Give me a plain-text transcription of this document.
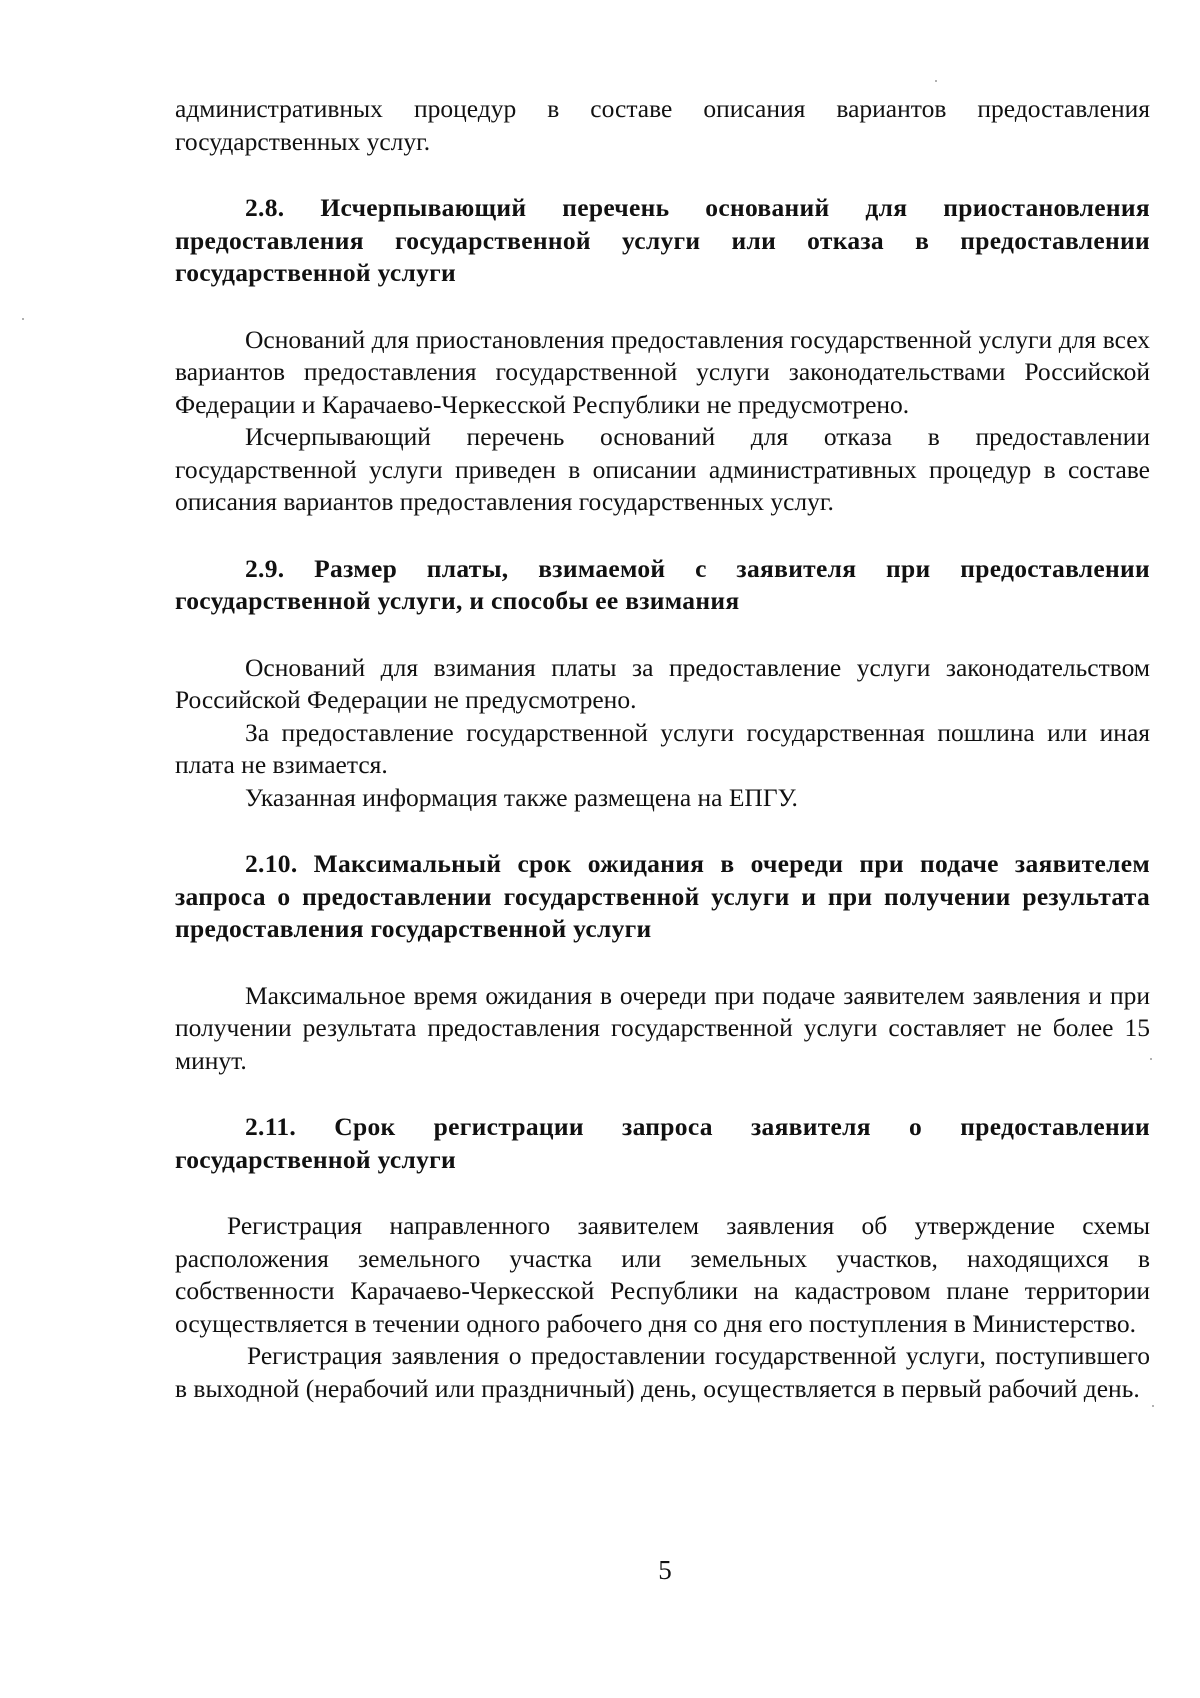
административных процедур в составе описания вариантов предоставления государственных услуг.

2.8. Исчерпывающий перечень оснований для приостановления предоставления государственной услуги или отказа в предоставлении государственной услуги

Оснований для приостановления предоставления государственной услуги для всех вариантов предоставления государственной услуги законодательствами Российской Федерации и Карачаево-Черкесской Республики не предусмотрено.

Исчерпывающий перечень оснований для отказа в предоставлении государственной услуги приведен в описании административных процедур в составе описания вариантов предоставления государственных услуг.

2.9. Размер платы, взимаемой с заявителя при предоставлении государственной услуги, и способы ее взимания

Оснований для взимания платы за предоставление услуги законодательством Российской Федерации не предусмотрено.

За предоставление государственной услуги государственная пошлина или иная плата не взимается.

Указанная информация также размещена на ЕПГУ.

2.10. Максимальный срок ожидания в очереди при подаче заявителем запроса о предоставлении государственной услуги и при получении результата предоставления государственной услуги

Максимальное время ожидания в очереди при подаче заявителем заявления и при получении результата предоставления государственной услуги составляет не более 15 минут.

2.11. Срок регистрации запроса заявителя о предоставлении государственной услуги

Регистрация направленного заявителем заявления об утверждение схемы расположения земельного участка или земельных участков, находящихся в собственности Карачаево-Черкесской Республики на кадастровом плане территории осуществляется в течении одного рабочего дня со дня его поступления в Министерство.

Регистрация заявления о предоставлении государственной услуги, поступившего в выходной (нерабочий или праздничный) день, осуществляется в первый рабочий день.

5
